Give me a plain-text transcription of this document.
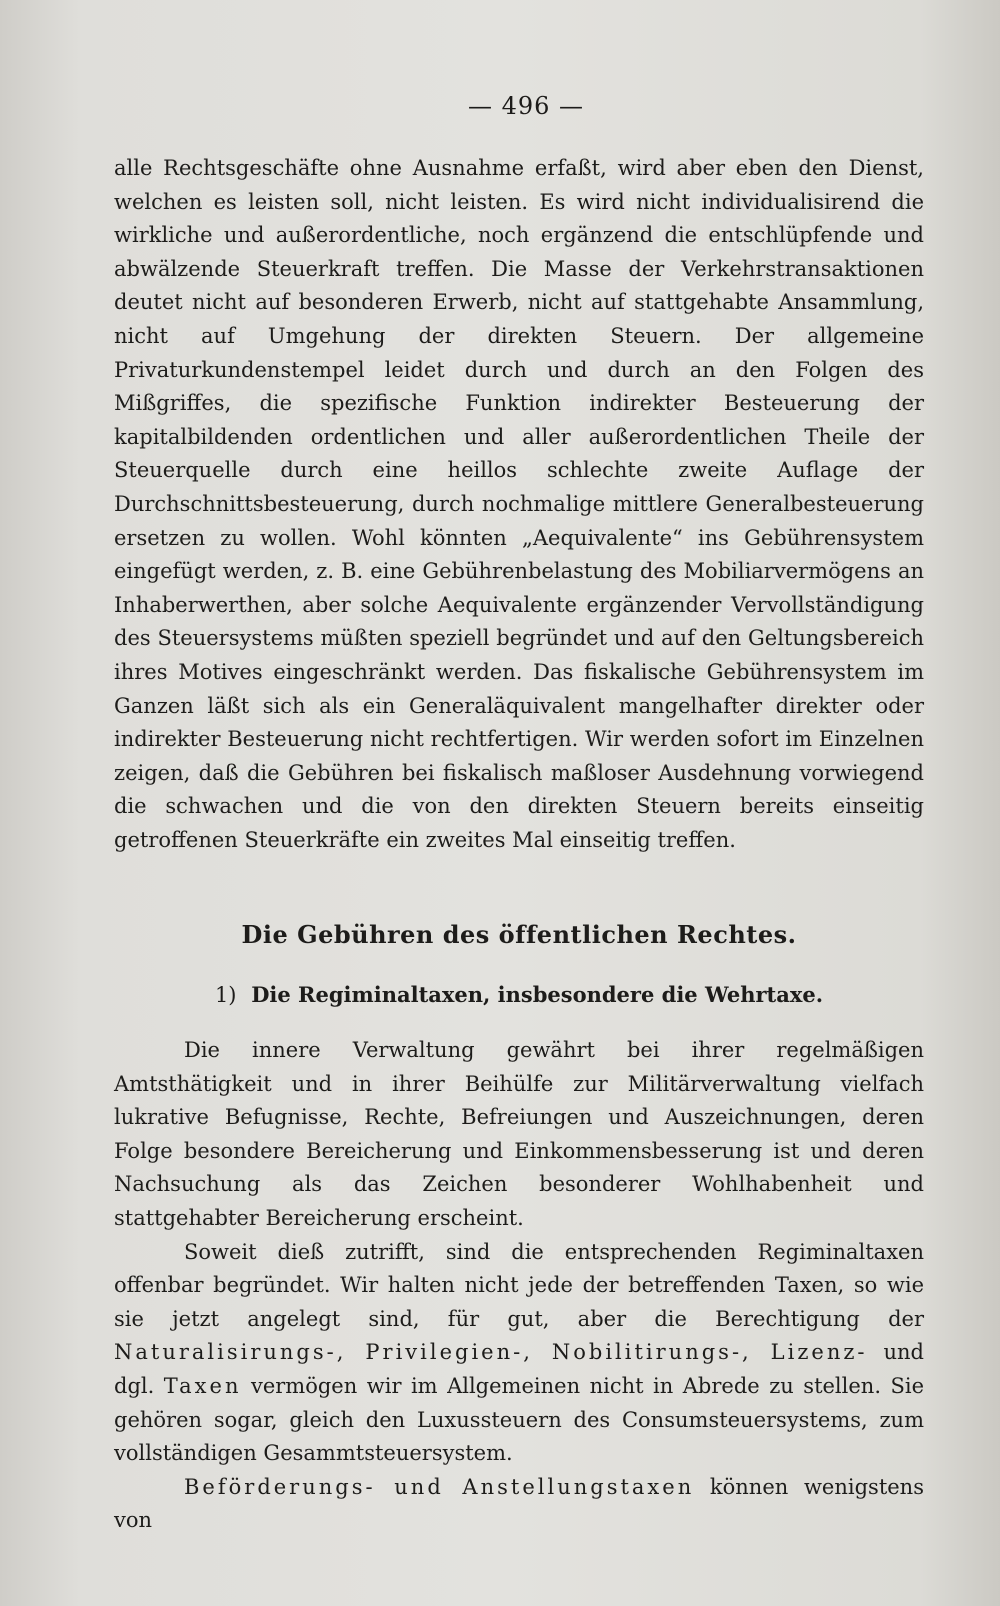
— 496 —

alle Rechtsgeschäfte ohne Ausnahme erfaßt, wird aber eben den Dienst, welchen es leisten soll, nicht leisten. Es wird nicht individualisirend die wirkliche und außerordentliche, noch ergänzend die entschlüpfende und abwälzende Steuerkraft treffen. Die Masse der Verkehrstransaktionen deutet nicht auf besonderen Erwerb, nicht auf stattgehabte Ansammlung, nicht auf Umgehung der direkten Steuern. Der allgemeine Privaturkundenstempel leidet durch und durch an den Folgen des Mißgriffes, die spezifische Funktion indirekter Besteuerung der kapitalbildenden ordentlichen und aller außerordentlichen Theile der Steuerquelle durch eine heillos schlechte zweite Auflage der Durchschnittsbesteuerung, durch nochmalige mittlere Generalbesteuerung ersetzen zu wollen. Wohl könnten „Aequivalente“ ins Gebührensystem eingefügt werden, z. B. eine Gebührenbelastung des Mobiliarvermögens an Inhaberwerthen, aber solche Aequivalente ergänzender Vervollständigung des Steuersystems müßten speziell begründet und auf den Geltungsbereich ihres Motives eingeschränkt werden. Das fiskalische Gebührensystem im Ganzen läßt sich als ein Generaläquivalent mangelhafter direkter oder indirekter Besteuerung nicht rechtfertigen. Wir werden sofort im Einzelnen zeigen, daß die Gebühren bei fiskalisch maßloser Ausdehnung vorwiegend die schwachen und die von den direkten Steuern bereits einseitig getroffenen Steuerkräfte ein zweites Mal einseitig treffen.

Die Gebühren des öffentlichen Rechtes.
1) Die Regiminaltaxen, insbesondere die Wehrtaxe.

Die innere Verwaltung gewährt bei ihrer regelmäßigen Amtsthätigkeit und in ihrer Beihülfe zur Militärverwaltung vielfach lukrative Befugnisse, Rechte, Befreiungen und Auszeichnungen, deren Folge besondere Bereicherung und Einkommensbesserung ist und deren Nachsuchung als das Zeichen besonderer Wohlhabenheit und stattgehabter Bereicherung erscheint.

Soweit dieß zutrifft, sind die entsprechenden Regiminaltaxen offenbar begründet. Wir halten nicht jede der betreffenden Taxen, so wie sie jetzt angelegt sind, für gut, aber die Berechtigung der Naturalisirungs-, Privilegien-, Nobilitirungs-, Lizenz- und dgl. Taxen vermögen wir im Allgemeinen nicht in Abrede zu stellen. Sie gehören sogar, gleich den Luxussteuern des Consumsteuersystems, zum vollständigen Gesammtsteuersystem.

Beförderungs- und Anstellungstaxen können wenigstens von
